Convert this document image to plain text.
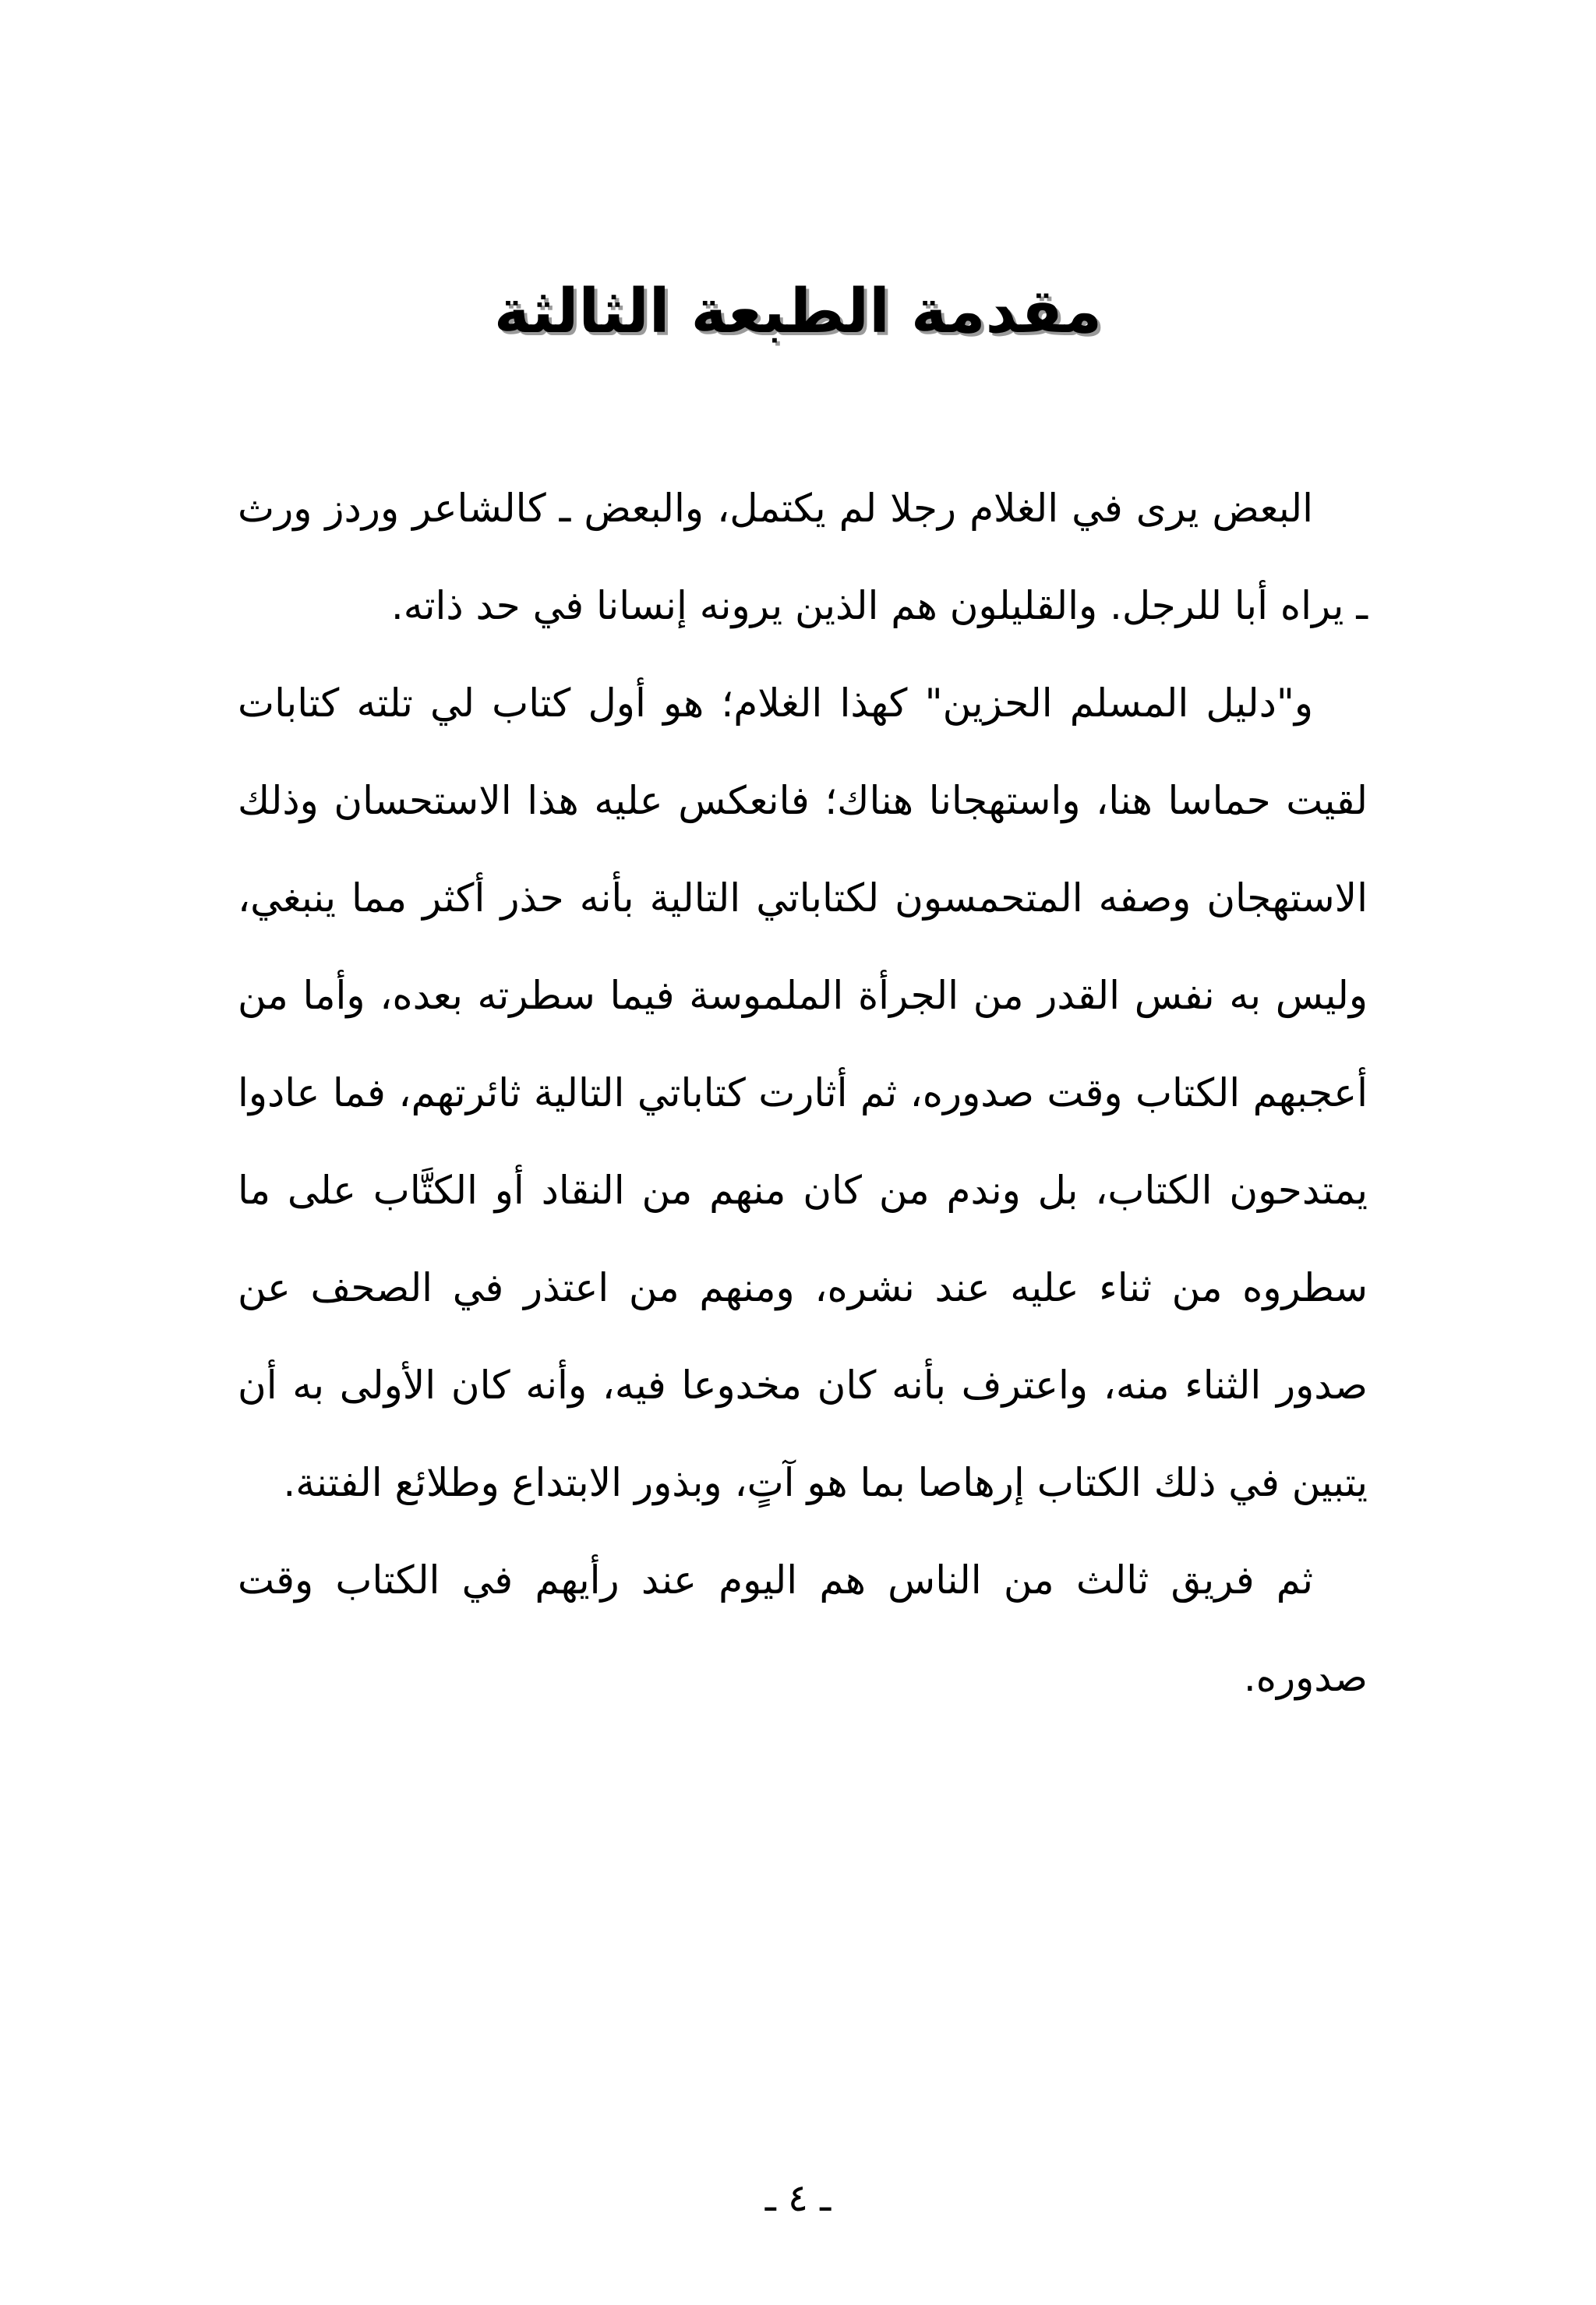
مقدمة الطبعة الثالثة

البعض يرى في الغلام رجلا لم يكتمل، والبعض ـ كالشاعر وردز ورث ـ يراه أبا للرجل. والقليلون هم الذين يرونه إنسانا في حد ذاته.

و"دليل المسلم الحزين" كهذا الغلام؛ هو أول كتاب لي تلته كتابات لقيت حماسا هنا، واستهجانا هناك؛ فانعكس عليه هذا الاستحسان وذلك الاستهجان وصفه المتحمسون لكتاباتي التالية بأنه حذر أكثر مما ينبغي، وليس به نفس القدر من الجرأة الملموسة فيما سطرته بعده، وأما من أعجبهم الكتاب وقت صدوره، ثم أثارت كتاباتي التالية ثائرتهم، فما عادوا يمتدحون الكتاب، بل وندم من كان منهم من النقاد أو الكتَّاب على ما سطروه من ثناء عليه عند نشره، ومنهم من اعتذر في الصحف عن صدور الثناء منه، واعترف بأنه كان مخدوعا فيه، وأنه كان الأولى به أن يتبين في ذلك الكتاب إرهاصا بما هو آتٍ، وبذور الابتداع وطلائع الفتنة.

ثم فريق ثالث من الناس هم اليوم عند رأيهم في الكتاب وقت صدوره.

ـ ٤ ـ
